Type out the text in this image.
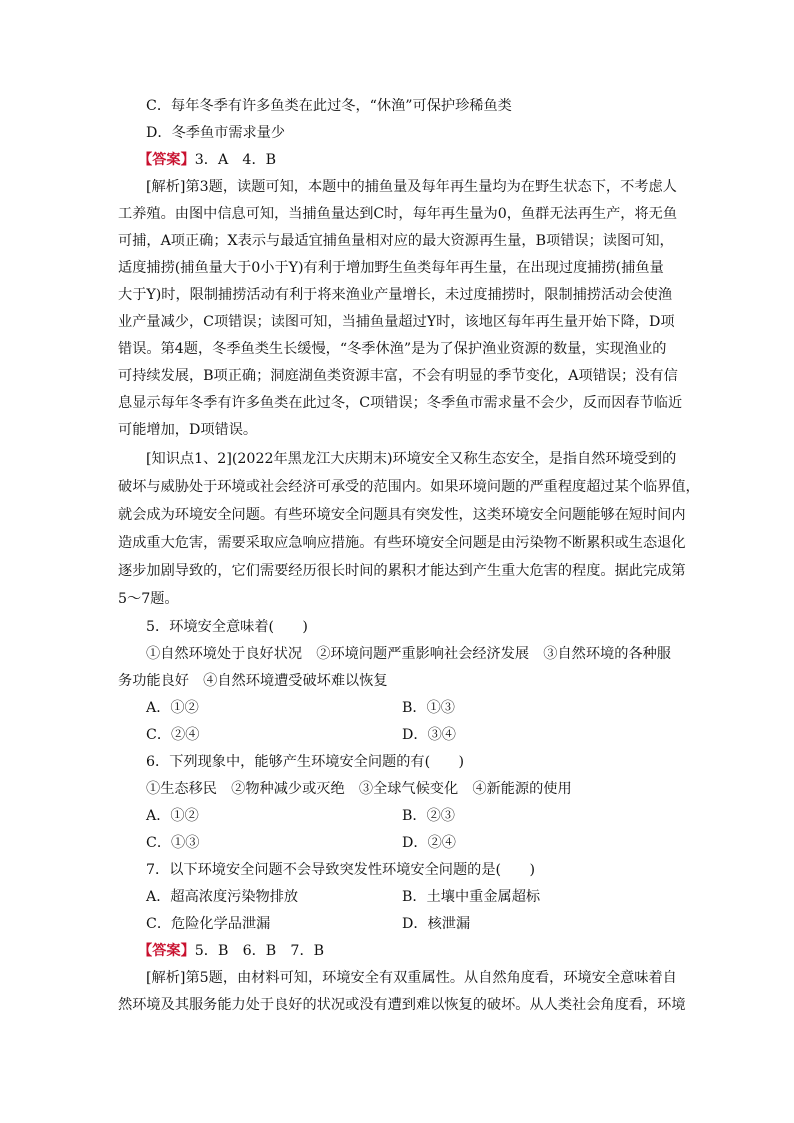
C．每年冬季有许多鱼类在此过冬，“休渔”可保护珍稀鱼类
D．冬季鱼市需求量少
【答案】3．A　4．B
[解析]第3题，读题可知，本题中的捕鱼量及每年再生量均为在野生状态下，不考虑人
工养殖。由图中信息可知，当捕鱼量达到C时，每年再生量为0，鱼群无法再生产，将无鱼
可捕，A项正确；X表示与最适宜捕鱼量相对应的最大资源再生量，B项错误；读图可知，
适度捕捞(捕鱼量大于0小于Y)有利于增加野生鱼类每年再生量，在出现过度捕捞(捕鱼量
大于Y)时，限制捕捞活动有利于将来渔业产量增长，未过度捕捞时，限制捕捞活动会使渔
业产量减少，C项错误；读图可知，当捕鱼量超过Y时，该地区每年再生量开始下降，D项
错误。第4题，冬季鱼类生长缓慢，“冬季休渔”是为了保护渔业资源的数量，实现渔业的
可持续发展，B项正确；洞庭湖鱼类资源丰富，不会有明显的季节变化，A项错误；没有信
息显示每年冬季有许多鱼类在此过冬，C项错误；冬季鱼市需求量不会少，反而因春节临近
可能增加，D项错误。
[知识点1、2](2022年黑龙江大庆期末)环境安全又称生态安全，是指自然环境受到的
破坏与威胁处于环境或社会经济可承受的范围内。如果环境问题的严重程度超过某个临界值，
就会成为环境安全问题。有些环境安全问题具有突发性，这类环境安全问题能够在短时间内
造成重大危害，需要采取应急响应措施。有些环境安全问题是由污染物不断累积或生态退化
逐步加剧导致的，它们需要经历很长时间的累积才能达到产生重大危害的程度。据此完成第
5～7题。
5．环境安全意味着(　　)
①自然环境处于良好状况　②环境问题严重影响社会经济发展　③自然环境的各种服
务功能良好　④自然环境遭受破坏难以恢复
A．①②	B．①③
C．②④	D．③④
6．下列现象中，能够产生环境安全问题的有(　　)
①生态移民　②物种减少或灭绝　③全球气候变化　④新能源的使用
A．①②	B．②③
C．①③	D．②④
7．以下环境安全问题不会导致突发性环境安全问题的是(　　)
A．超高浓度污染物排放	B．土壤中重金属超标
C．危险化学品泄漏	D．核泄漏
【答案】5．B　6．B　7．B
[解析]第5题，由材料可知，环境安全有双重属性。从自然角度看，环境安全意味着自
然环境及其服务能力处于良好的状况或没有遭到难以恢复的破坏。从人类社会角度看，环境
